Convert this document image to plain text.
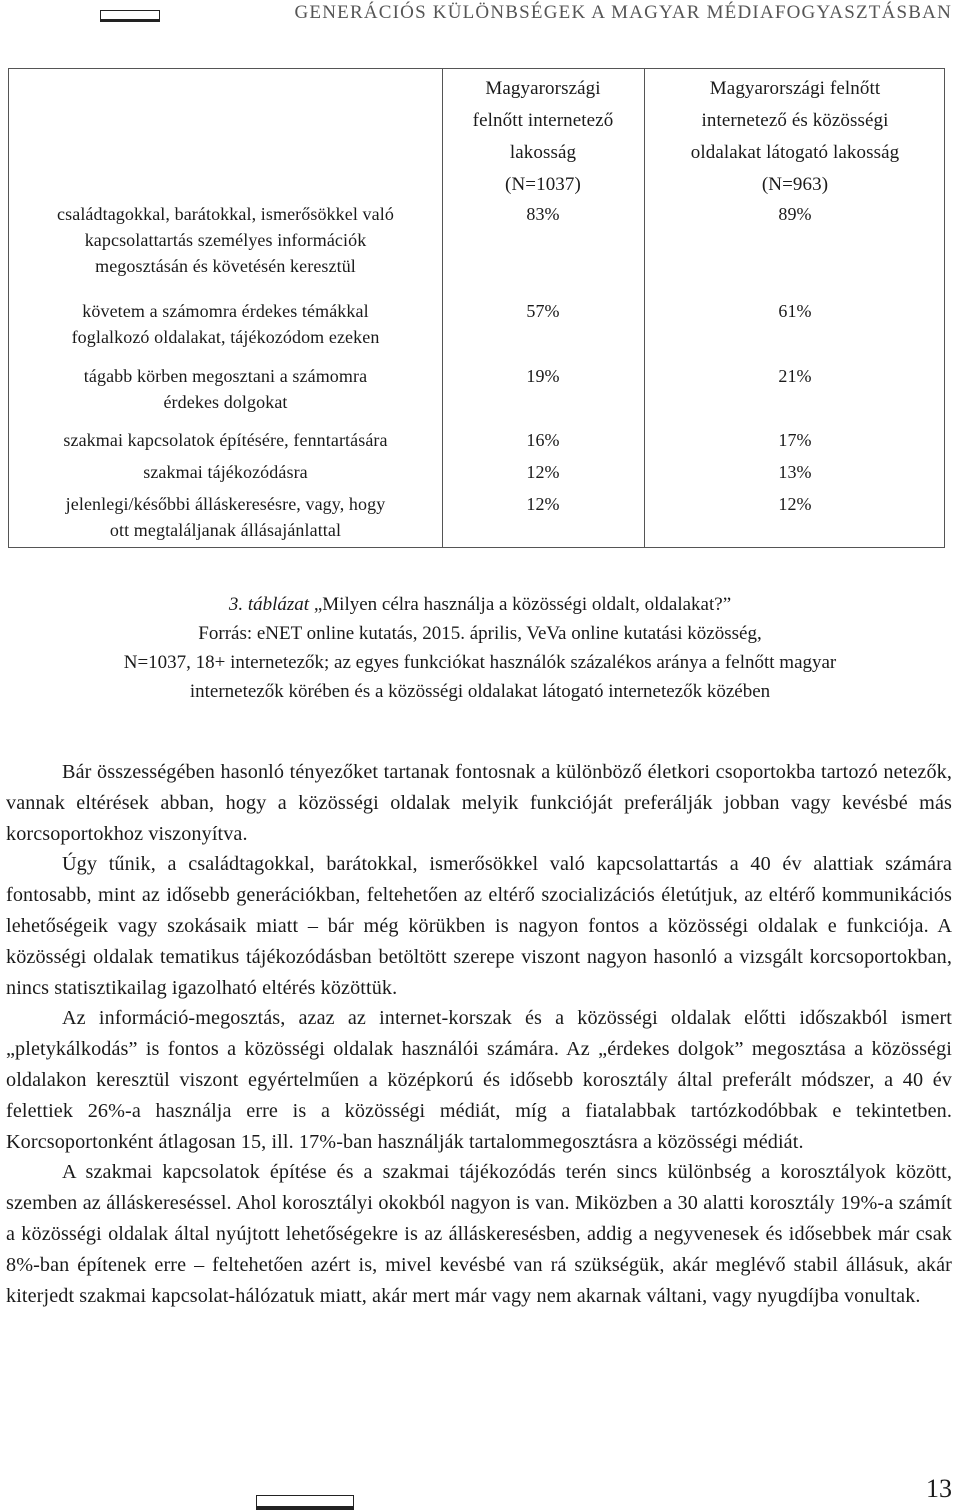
GENERÁCIÓS KÜLÖNBSÉGEK A MAGYAR MÉDIAFOGYASZTÁSBAN
Magyarországi
felnőtt internetező
lakosság
(N=1037)
Magyarországi felnőtt
internetező és közösségi
oldalakat látogató lakosság
(N=963)
családtagokkal, barátokkal, ismerősökkel való
kapcsolattartás személyes információk
megosztásán és követésén keresztül
83%	89%
követem a számomra érdekes témákkal
foglalkozó oldalakat, tájékozódom ezeken
57%	61%
tágabb körben megosztani a számomra
érdekes dolgokat
19%	21%
szakmai kapcsolatok építésére, fenntartására	16%	17%
szakmai tájékozódásra	12%	13%
jelenlegi/későbbi álláskeresésre, vagy, hogy
ott megtaláljanak állásajánlattal
12%	12%
3. táblázat „Milyen célra használja a közösségi oldalt, oldalakat?”
Forrás: eNET online kutatás, 2015. április, VeVa online kutatási közösség,
N=1037, 18+ internetezők; az egyes funkciókat használók százalékos aránya a felnőtt magyar
internetezők körében és a közösségi oldalakat látogató internetezők közében

Bár összességében hasonló tényezőket tartanak fontosnak a különböző életkori csoportokba tartozó netezők, vannak eltérések abban, hogy a közösségi oldalak melyik funkcióját preferálják jobban vagy kevésbé más korcsoportokhoz viszonyítva.

Úgy tűnik, a családtagokkal, barátokkal, ismerősökkel való kapcsolattartás a 40 év alattiak számára fontosabb, mint az idősebb generációkban, feltehetően az eltérő szocializációs életútjuk, az eltérő kommunikációs lehetőségeik vagy szokásaik miatt – bár még körükben is nagyon fontos a közösségi oldalak e funkciója. A közösségi oldalak tematikus tájékozódásban betöltött szerepe viszont nagyon hasonló a vizsgált korcsoportokban, nincs statisztikailag igazolható eltérés közöttük.

Az információ-megosztás, azaz az internet-korszak és a közösségi oldalak előtti időszakból ismert „pletykálkodás” is fontos a közösségi oldalak használói számára. Az „érdekes dolgok” megosztása a közösségi oldalakon keresztül viszont egyértelműen a középkorú és idősebb korosztály által preferált módszer, a 40 év felettiek 26%-a használja erre is a közösségi médiát, míg a fiatalabbak tartózkodóbbak e tekintetben. Korcsoportonként átlagosan 15, ill. 17%-ban használják tartalommegosztásra a közösségi médiát.

A szakmai kapcsolatok építése és a szakmai tájékozódás terén sincs különbség a korosztályok között, szemben az álláskereséssel. Ahol korosztályi okokból nagyon is van. Miközben a 30 alatti korosztály 19%-a számít a közösségi oldalak által nyújtott lehetőségekre is az álláskeresésben, addig a negyvenesek és idősebbek már csak 8%-ban építenek erre – feltehetően azért is, mivel kevésbé van rá szükségük, akár meglévő stabil állásuk, akár kiterjedt szakmai kapcsolat-hálózatuk miatt, akár mert már vagy nem akarnak váltani, vagy nyugdíjba vonultak.

13
